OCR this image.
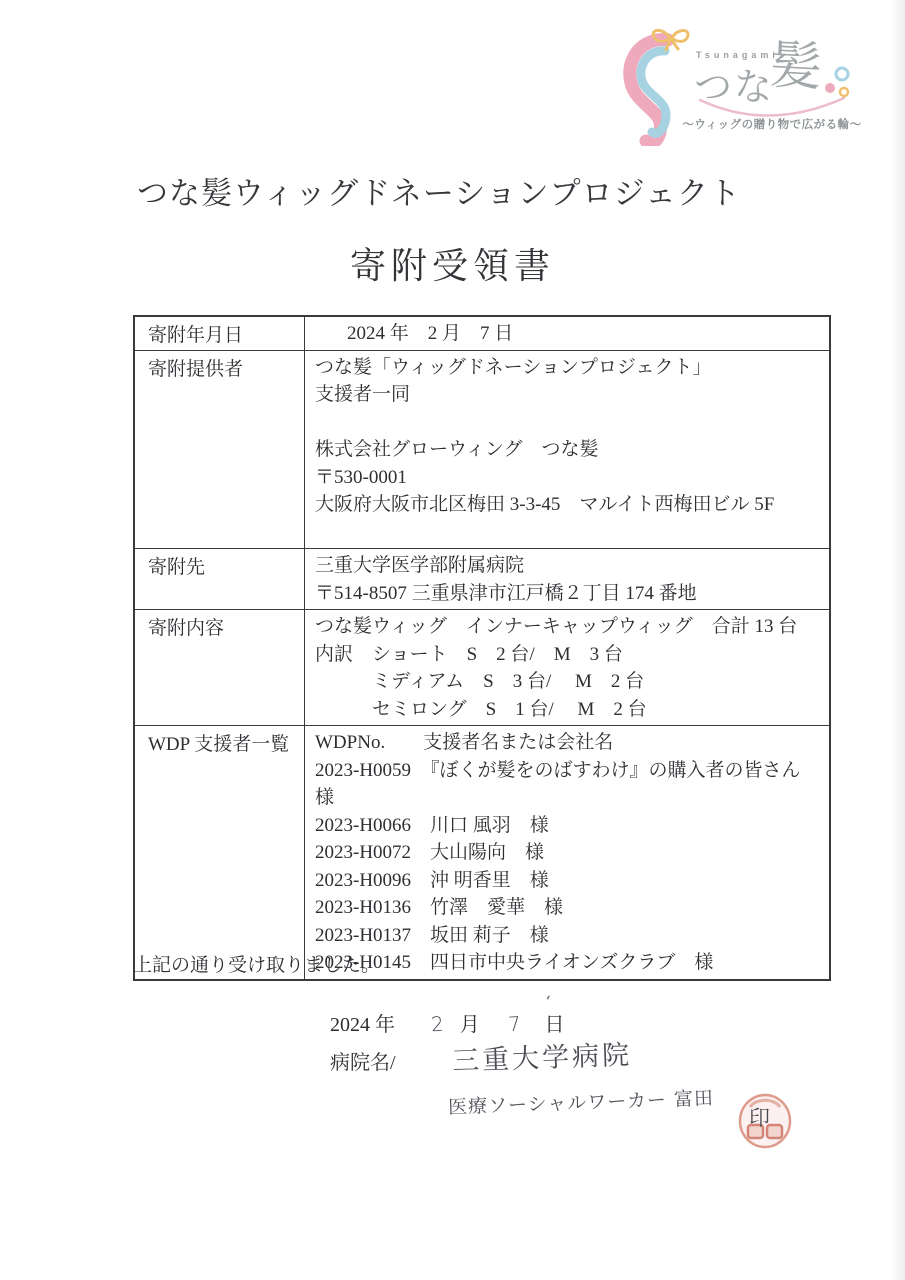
Tsunagami
つな
髪
〜ウィッグの贈り物で広がる輪〜
つな髪ウィッグドネーションプロジェクト
寄附受領書
寄附年月日	2024 年　2 月　7 日
寄附提供者	つな髪「ウィッグドネーションプロジェクト」
支援者一同
株式会社グローウィング　つな髪
〒530-0001
大阪府大阪市北区梅田 3-3-45　マルイト西梅田ビル 5F
寄附先	三重大学医学部附属病院
〒514-8507 三重県津市江戸橋２丁目 174 番地
寄附内容	つな髪ウィッグ　インナーキャップウィッグ　合計 13 台
内訳　ショート　S　2 台/　M　3 台
　　　ミディアム　S　3 台/　 M　2 台
　　　セミロング　S　1 台/　 M　2 台
WDP 支援者一覧	WDPNo.　　支援者名または会社名
2023-H0059　『ぼくが髪をのばすわけ』の購入者の皆さん　様
2023-H0066　川口 風羽　様
2023-H0072　大山陽向　様
2023-H0096　沖 明香里　様
2023-H0136　竹澤　愛華　様
2023-H0137　坂田 莉子　様
2023-H0145　四日市中央ライオンズクラブ　様
上記の通り受け取りました。
‘
2024 年 2 月 7 日
病院名/ 三重大学病院
医療ソーシャルワーカー 富田 印
